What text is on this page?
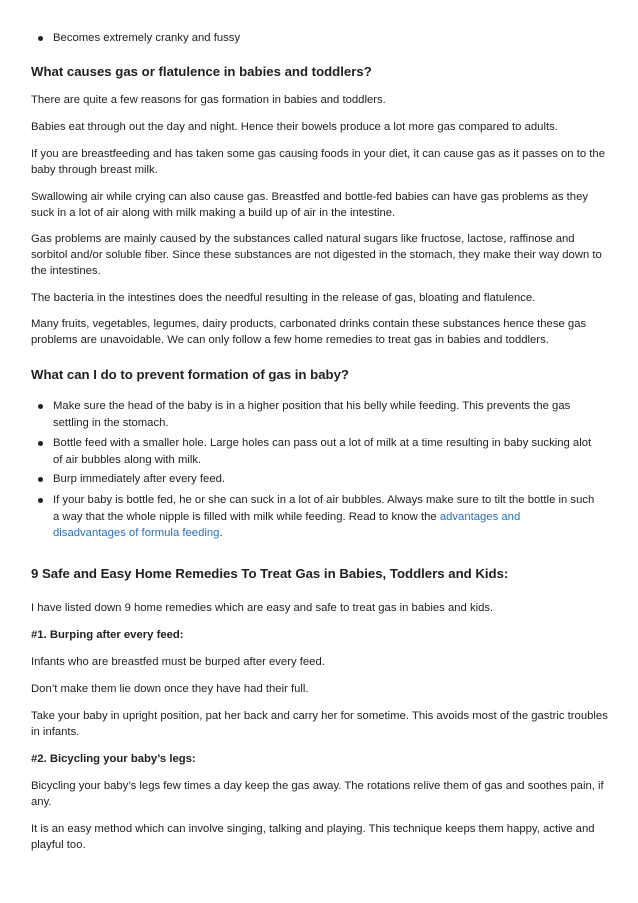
Becomes extremely cranky and fussy
What causes gas or flatulence in babies and toddlers?

There are quite a few reasons for gas formation in babies and toddlers.

Babies eat through out the day and night. Hence their bowels produce a lot more gas compared to adults.

If you are breastfeeding and has taken some gas causing foods in your diet, it can cause gas as it passes on to the baby through breast milk.

Swallowing air while crying can also cause gas. Breastfed and bottle-fed babies can have gas problems as they suck in a lot of air along with milk making a build up of air in the intestine.

Gas problems are mainly caused by the substances called natural sugars like fructose, lactose, raffinose and sorbitol and/or soluble fiber. Since these substances are not digested in the stomach, they make their way down to the intestines.

The bacteria in the intestines does the needful resulting in the release of gas, bloating and flatulence.

Many fruits, vegetables, legumes, dairy products, carbonated drinks contain these substances hence these gas problems are unavoidable. We can only follow a few home remedies to treat gas in babies and toddlers.

What can I do to prevent formation of gas in baby?
Make sure the head of the baby is in a higher position that his belly while feeding. This prevents the gas settling in the stomach.
Bottle feed with a smaller hole. Large holes can pass out a lot of milk at a time resulting in baby sucking alot of air bubbles along with milk.
Burp immediately after every feed.
If your baby is bottle fed, he or she can suck in a lot of air bubbles. Always make sure to tilt the bottle in such a way that the whole nipple is filled with milk while feeding. Read to know the advantages and disadvantages of formula feeding.
9 Safe and Easy Home Remedies To Treat Gas in Babies, Toddlers and Kids:

I have listed down 9 home remedies which are easy and safe to treat gas in babies and kids.

#1. Burping after every feed:

Infants who are breastfed must be burped after every feed.

Don’t make them lie down once they have had their full.

Take your baby in upright position, pat her back and carry her for sometime. This avoids most of the gastric troubles in infants.

#2. Bicycling your baby’s legs:

Bicycling your baby’s legs few times a day keep the gas away. The rotations relive them of gas and soothes pain, if any.

It is an easy method which can involve singing, talking and playing. This technique keeps them happy, active and playful too.
